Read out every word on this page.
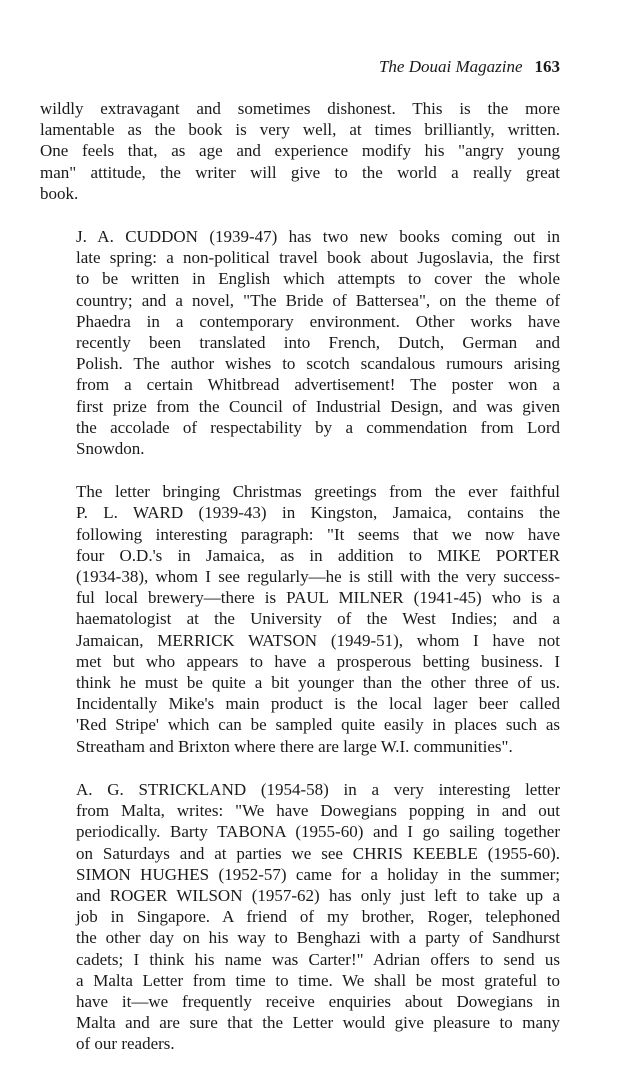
The Douai Magazine 163

wildly extravagant and sometimes dishonest. This is the more
lamentable as the book is very well, at times brilliantly, written.
One feels that, as age and experience modify his "angry young
man" attitude, the writer will give to the world a really great
book.

J. A. CUDDON (1939-47) has two new books coming out in
late spring: a non-political travel book about Jugoslavia, the first
to be written in English which attempts to cover the whole
country; and a novel, "The Bride of Battersea", on the theme of
Phaedra in a contemporary environment. Other works have
recently been translated into French, Dutch, German and
Polish. The author wishes to scotch scandalous rumours arising
from a certain Whitbread advertisement! The poster won a
first prize from the Council of Industrial Design, and was given
the accolade of respectability by a commendation from Lord
Snowdon.

The letter bringing Christmas greetings from the ever faithful
P. L. WARD (1939-43) in Kingston, Jamaica, contains the
following interesting paragraph: "It seems that we now have
four O.D.'s in Jamaica, as in addition to MIKE PORTER
(1934-38), whom I see regularly—he is still with the very success-
ful local brewery—there is PAUL MILNER (1941-45) who is a
haematologist at the University of the West Indies; and a
Jamaican, MERRICK WATSON (1949-51), whom I have not
met but who appears to have a prosperous betting business. I
think he must be quite a bit younger than the other three of us.
Incidentally Mike's main product is the local lager beer called
'Red Stripe' which can be sampled quite easily in places such as
Streatham and Brixton where there are large W.I. communities".

A. G. STRICKLAND (1954-58) in a very interesting letter
from Malta, writes: "We have Dowegians popping in and out
periodically. Barty TABONA (1955-60) and I go sailing together
on Saturdays and at parties we see CHRIS KEEBLE (1955-60).
SIMON HUGHES (1952-57) came for a holiday in the summer;
and ROGER WILSON (1957-62) has only just left to take up a
job in Singapore. A friend of my brother, Roger, telephoned
the other day on his way to Benghazi with a party of Sandhurst
cadets; I think his name was Carter!" Adrian offers to send us
a Malta Letter from time to time. We shall be most grateful to
have it—we frequently receive enquiries about Dowegians in
Malta and are sure that the Letter would give pleasure to many
of our readers.
